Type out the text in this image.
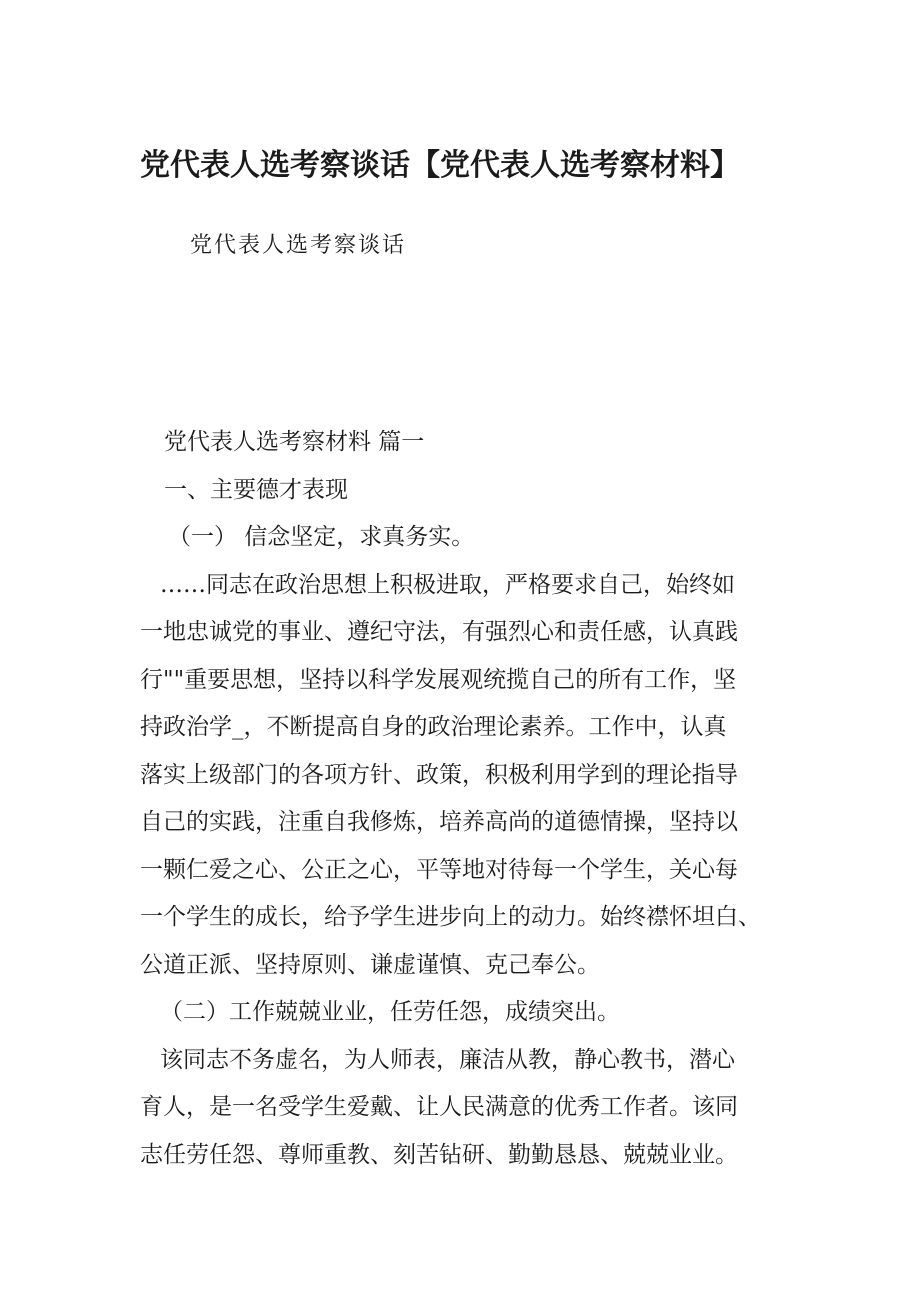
党代表人选考察谈话【党代表人选考察材料】
党代表人选考察谈话

党代表人选考察材料 篇一

一、主要德才表现

（一） 信念坚定，求真务实。

……同志在政治思想上积极进取，严格要求自己，始终如

一地忠诚党的事业、遵纪守法，有强烈心和责任感，认真践

行""重要思想，坚持以科学发展观统揽自己的所有工作，坚

持政治学_，不断提高自身的政治理论素养。工作中，认真

落实上级部门的各项方针、政策，积极利用学到的理论指导

自己的实践，注重自我修炼，培养高尚的道德情操，坚持以

一颗仁爱之心、公正之心，平等地对待每一个学生，关心每

一个学生的成长，给予学生进步向上的动力。始终襟怀坦白、

公道正派、坚持原则、谦虚谨慎、克己奉公。

（二）工作兢兢业业，任劳任怨，成绩突出。

该同志不务虚名，为人师表，廉洁从教，静心教书，潜心

育人，是一名受学生爱戴、让人民满意的优秀工作者。该同

志任劳任怨、尊师重教、刻苦钻研、勤勤恳恳、兢兢业业。
